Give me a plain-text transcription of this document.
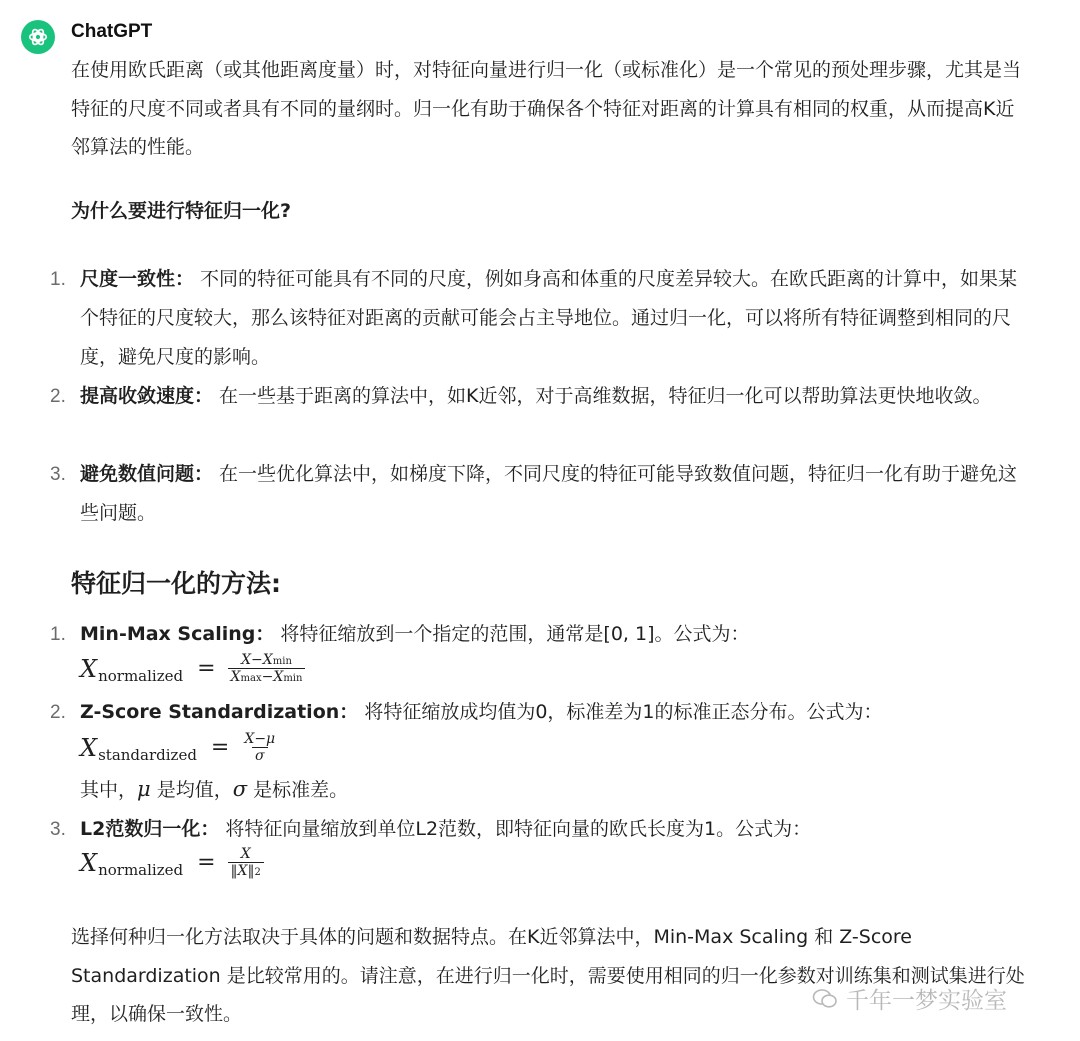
ChatGPT

在使用欧氏距离（或其他距离度量）时，对特征向量进行归一化（或标准化）是一个常见的预处理步骤，尤其是当特征的尺度不同或者具有不同的量纲时。归一化有助于确保各个特征对距离的计算具有相同的权重，从而提高K近邻算法的性能。

为什么要进行特征归一化?

1. 尺度一致性： 不同的特征可能具有不同的尺度，例如身高和体重的尺度差异较大。在欧氏距离的计算中，如果某个特征的尺度较大，那么该特征对距离的贡献可能会占主导地位。通过归一化，可以将所有特征调整到相同的尺度，避免尺度的影响。
2. 提高收敛速度： 在一些基于距离的算法中，如K近邻，对于高维数据，特征归一化可以帮助算法更快地收敛。
3. 避免数值问题： 在一些优化算法中，如梯度下降，不同尺度的特征可能导致数值问题，特征归一化有助于避免这些问题。

特征归一化的方法:

1. Min-Max Scaling： 将特征缩放到一个指定的范围，通常是[0, 1]。公式为：
X normalized = $\frac{X-Xmin}{Xmax-Xmin}$
2. Z-Score Standardization： 将特征缩放成均值为0，标准差为1的标准正态分布。公式为：
X standardized = $\frac{X-\mu}{\sigma}$
其中，μ 是均值，σ 是标准差。
3. L2范数归一化： 将特征向量缩放到单位L2范数，即特征向量的欧氏长度为1。公式为：
X normalized = $\frac{X}{‖X‖2}$

选择何种归一化方法取决于具体的问题和数据特点。在K近邻算法中，Min-Max Scaling 和 Z-Score Standardization 是比较常用的。请注意，在进行归一化时，需要使用相同的归一化参数对训练集和测试集进行处理，以确保一致性。	千年一梦实验室
